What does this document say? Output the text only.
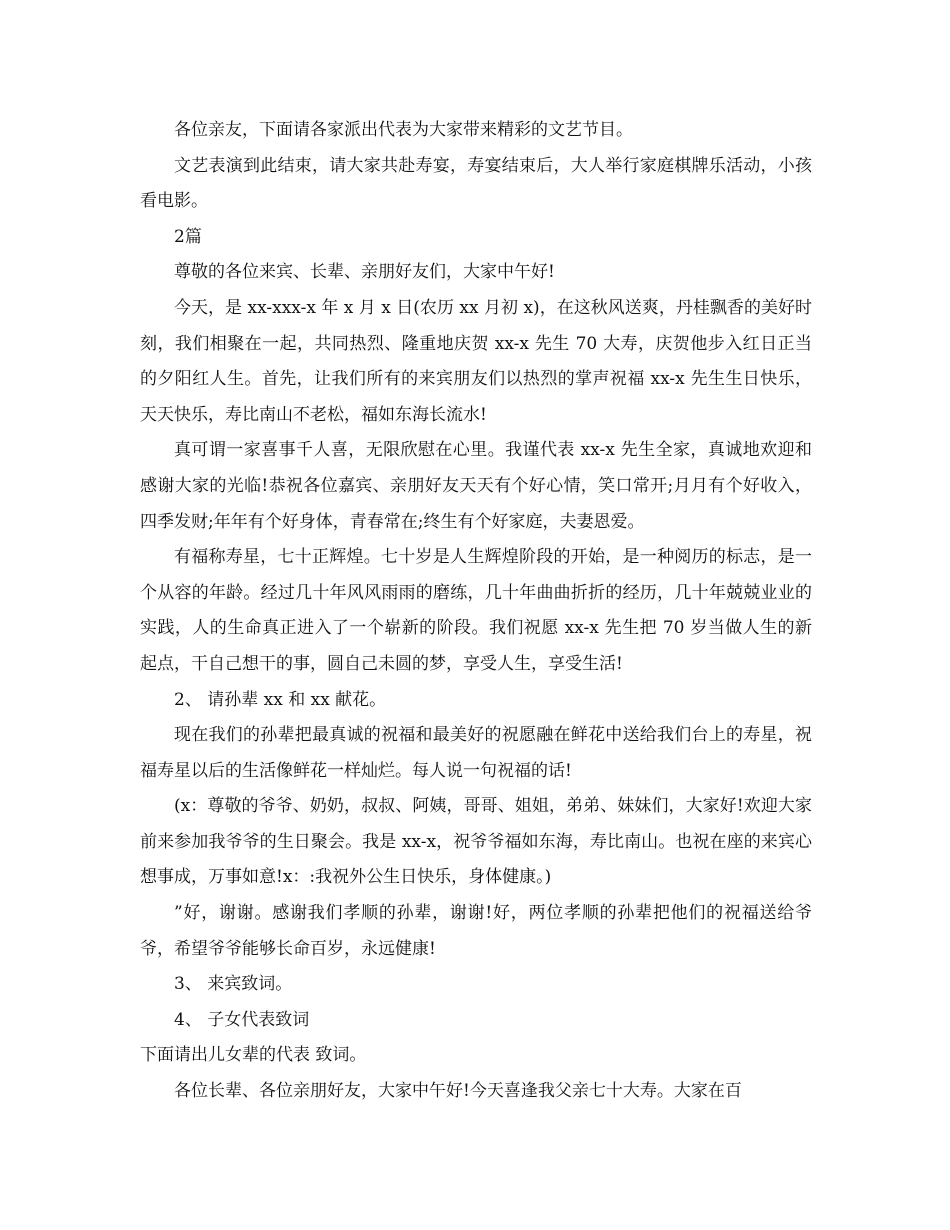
各位亲友，下面请各家派出代表为大家带来精彩的文艺节目。

文艺表演到此结束，请大家共赴寿宴，寿宴结束后，大人举行家庭棋牌乐活动，小孩看电影。

2篇

尊敬的各位来宾、长辈、亲朋好友们，大家中午好!

今天，是 xx-xxx-x 年 x 月 x 日(农历 xx 月初 x)，在这秋风送爽，丹桂飘香的美好时刻，我们相聚在一起，共同热烈、隆重地庆贺 xx-x 先生 70 大寿，庆贺他步入红日正当的夕阳红人生。首先，让我们所有的来宾朋友们以热烈的掌声祝福 xx-x 先生生日快乐，天天快乐，寿比南山不老松，福如东海长流水!

真可谓一家喜事千人喜，无限欣慰在心里。我谨代表 xx-x 先生全家，真诚地欢迎和感谢大家的光临!恭祝各位嘉宾、亲朋好友天天有个好心情，笑口常开;月月有个好收入，四季发财;年年有个好身体，青春常在;终生有个好家庭，夫妻恩爱。

有福称寿星，七十正辉煌。七十岁是人生辉煌阶段的开始，是一种阅历的标志，是一个从容的年龄。经过几十年风风雨雨的磨练，几十年曲曲折折的经历，几十年兢兢业业的实践，人的生命真正进入了一个崭新的阶段。我们祝愿 xx-x 先生把 70 岁当做人生的新起点，干自己想干的事，圆自己未圆的梦，享受人生，享受生活!

2、 请孙辈 xx 和 xx 献花。

现在我们的孙辈把最真诚的祝福和最美好的祝愿融在鲜花中送给我们台上的寿星，祝福寿星以后的生活像鲜花一样灿烂。每人说一句祝福的话!

(x：尊敬的爷爷、奶奶，叔叔、阿姨，哥哥、姐姐，弟弟、妹妹们，大家好!欢迎大家前来参加我爷爷的生日聚会。我是 xx-x，祝爷爷福如东海，寿比南山。也祝在座的来宾心想事成，万事如意!x：:我祝外公生日快乐，身体健康。)

”好，谢谢。感谢我们孝顺的孙辈，谢谢!好，两位孝顺的孙辈把他们的祝福送给爷爷，希望爷爷能够长命百岁，永远健康!

3、 来宾致词。

4、 子女代表致词

下面请出儿女辈的代表 致词。

各位长辈、各位亲朋好友，大家中午好!今天喜逢我父亲七十大寿。大家在百
